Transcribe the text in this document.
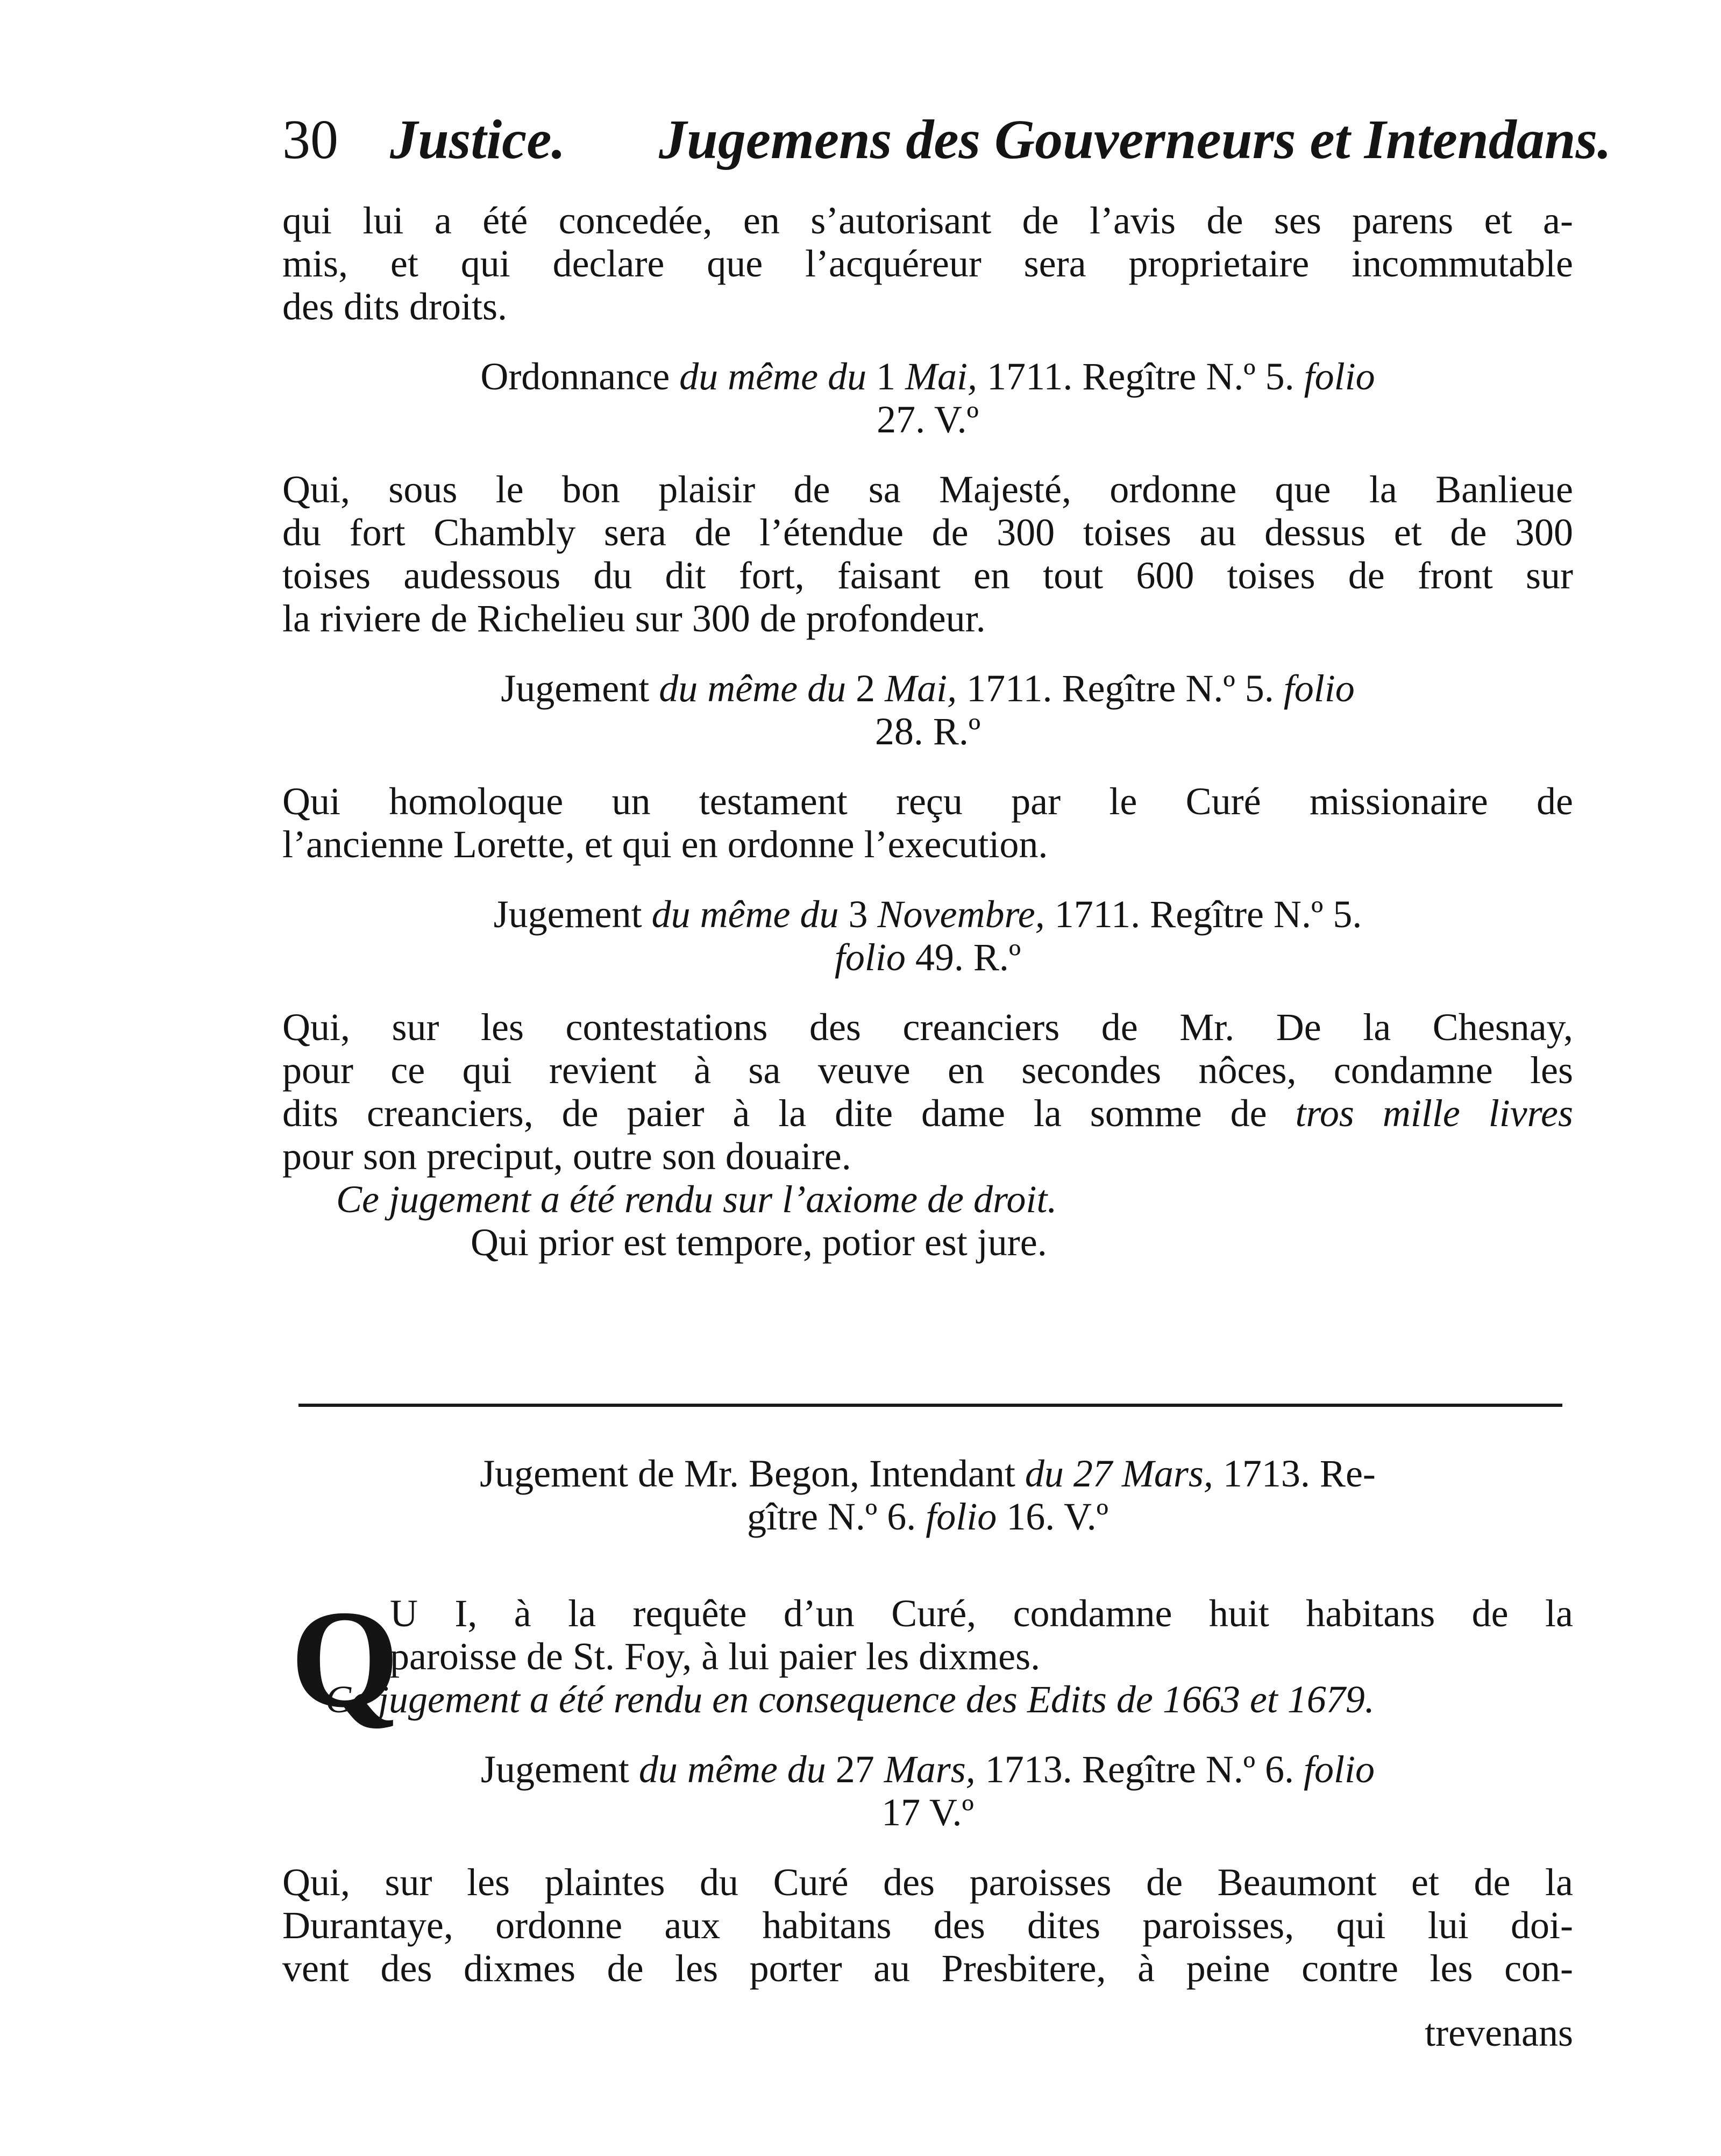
30 Justice. Jugemens des Gouverneurs et Intendans.
qui lui a été concedée, en s’autorisant de l’avis de ses parens et a-
mis, et qui declare que l’acquéreur sera proprietaire incommutable
des dits droits.
Ordonnance du même du 1 Mai, 1711. Regître N.º 5. folio
27. V.º
Qui, sous le bon plaisir de sa Majesté, ordonne que la Banlieue
du fort Chambly sera de l’étendue de 300 toises au dessus et de 300
toises audessous du dit fort, faisant en tout 600 toises de front sur
la riviere de Richelieu sur 300 de profondeur.
Jugement du même du 2 Mai, 1711. Regître N.º 5. folio
28. R.º
Qui homoloque un testament reçu par le Curé missionaire de
l’ancienne Lorette, et qui en ordonne l’execution.
Jugement du même du 3 Novembre, 1711. Regître N.º 5.
folio 49. R.º
Qui, sur les contestations des creanciers de Mr. De la Chesnay,
pour ce qui revient à sa veuve en secondes nôces, condamne les
dits creanciers, de paier à la dite dame la somme de tros mille livres
pour son preciput, outre son douaire.
Ce jugement a été rendu sur l’axiome de droit.
Qui prior est tempore, potior est jure.
Jugement de Mr. Begon, Intendant du 27 Mars, 1713. Re-
gître N.º 6. folio 16. V.º
Q
U I, à la requête d’un Curé, condamne huit habitans de la
paroisse de St. Foy, à lui paier les dixmes.
Ce jugement a été rendu en consequence des Edits de 1663 et 1679.
Jugement du même du 27 Mars, 1713. Regître N.º 6. folio
17 V.º
Qui, sur les plaintes du Curé des paroisses de Beaumont et de la
Durantaye, ordonne aux habitans des dites paroisses, qui lui doi-
vent des dixmes de les porter au Presbitere, à peine contre les con-
trevenans
